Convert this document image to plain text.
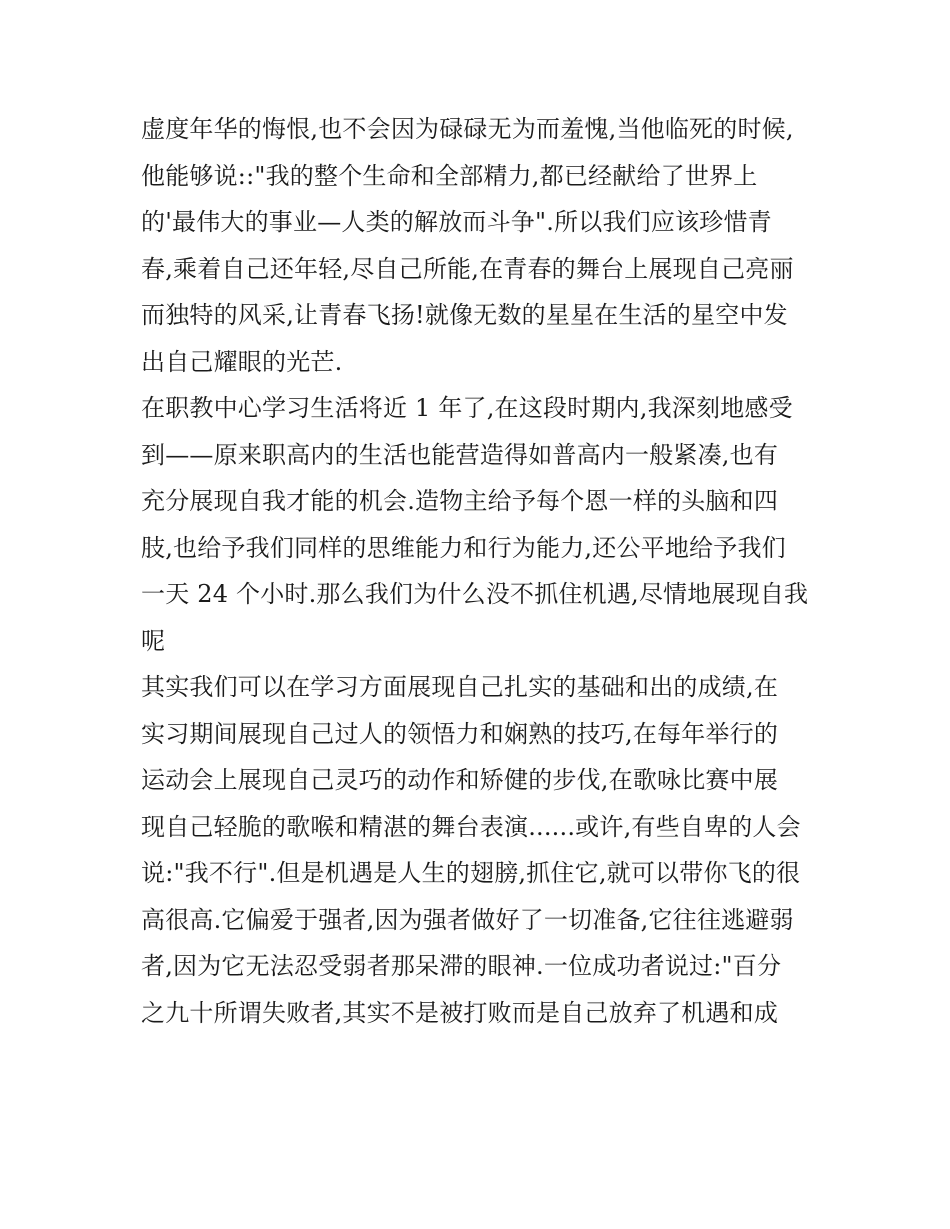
虚度年华的悔恨,也不会因为碌碌无为而羞愧,当他临死的时候,
他能够说::"我的整个生命和全部精力,都已经献给了世界上
的'最伟大的事业—人类的解放而斗争".所以我们应该珍惜青
春,乘着自己还年轻,尽自己所能,在青春的舞台上展现自己亮丽
而独特的风采,让青春飞扬!就像无数的星星在生活的星空中发
出自己耀眼的光芒.
在职教中心学习生活将近 1 年了,在这段时期内,我深刻地感受
到——原来职高内的生活也能营造得如普高内一般紧凑,也有
充分展现自我才能的机会.造物主给予每个恩一样的头脑和四
肢,也给予我们同样的思维能力和行为能力,还公平地给予我们
一天 24 个小时.那么我们为什么没不抓住机遇,尽情地展现自我
呢
其实我们可以在学习方面展现自己扎实的基础和出的成绩,在
实习期间展现自己过人的领悟力和娴熟的技巧,在每年举行的
运动会上展现自己灵巧的动作和矫健的步伐,在歌咏比赛中展
现自己轻脆的歌喉和精湛的舞台表演......或许,有些自卑的人会
说:"我不行".但是机遇是人生的翅膀,抓住它,就可以带你飞的很
高很高.它偏爱于强者,因为强者做好了一切准备,它往往逃避弱
者,因为它无法忍受弱者那呆滞的眼神.一位成功者说过:"百分
之九十所谓失败者,其实不是被打败而是自己放弃了机遇和成
